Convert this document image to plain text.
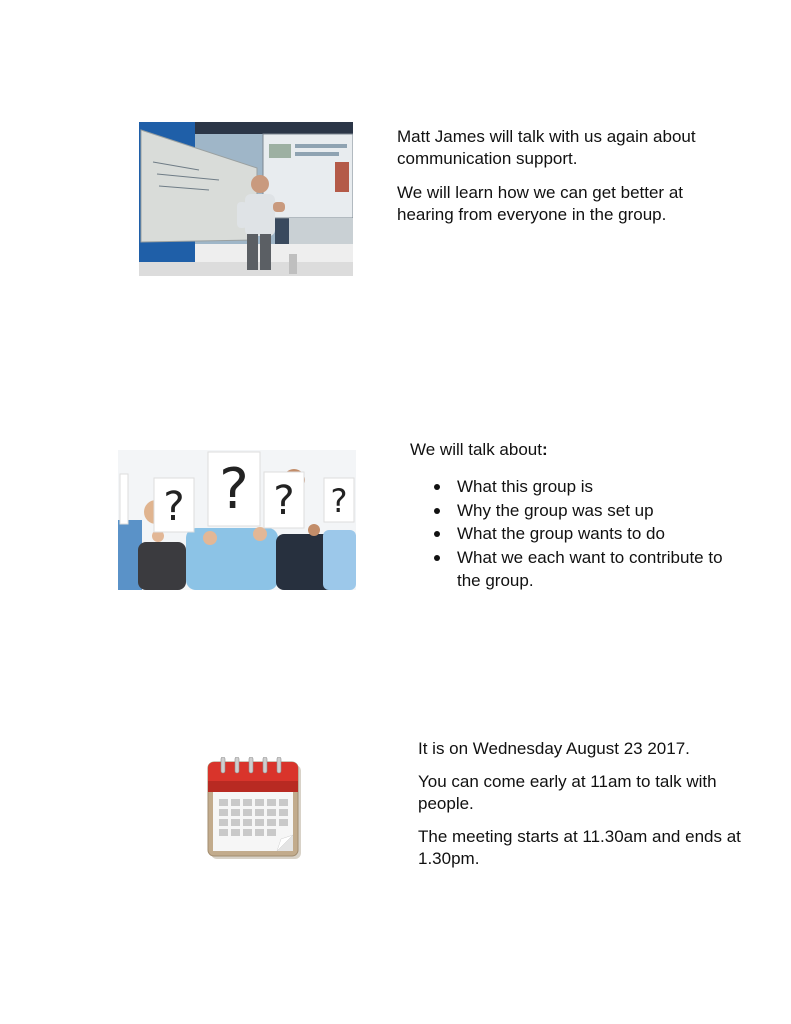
Matt James will talk with us again about communication support.

We will learn how we can get better at hearing from everyone in the group.

? ? ? ?

We will talk about:

What this group is
Why the group was set up
What the group wants to do
What we each want to contribute to the group.

It is on Wednesday August 23 2017.

You can come early at 11am to talk with people.

The meeting starts at 11.30am and ends at 1.30pm.
